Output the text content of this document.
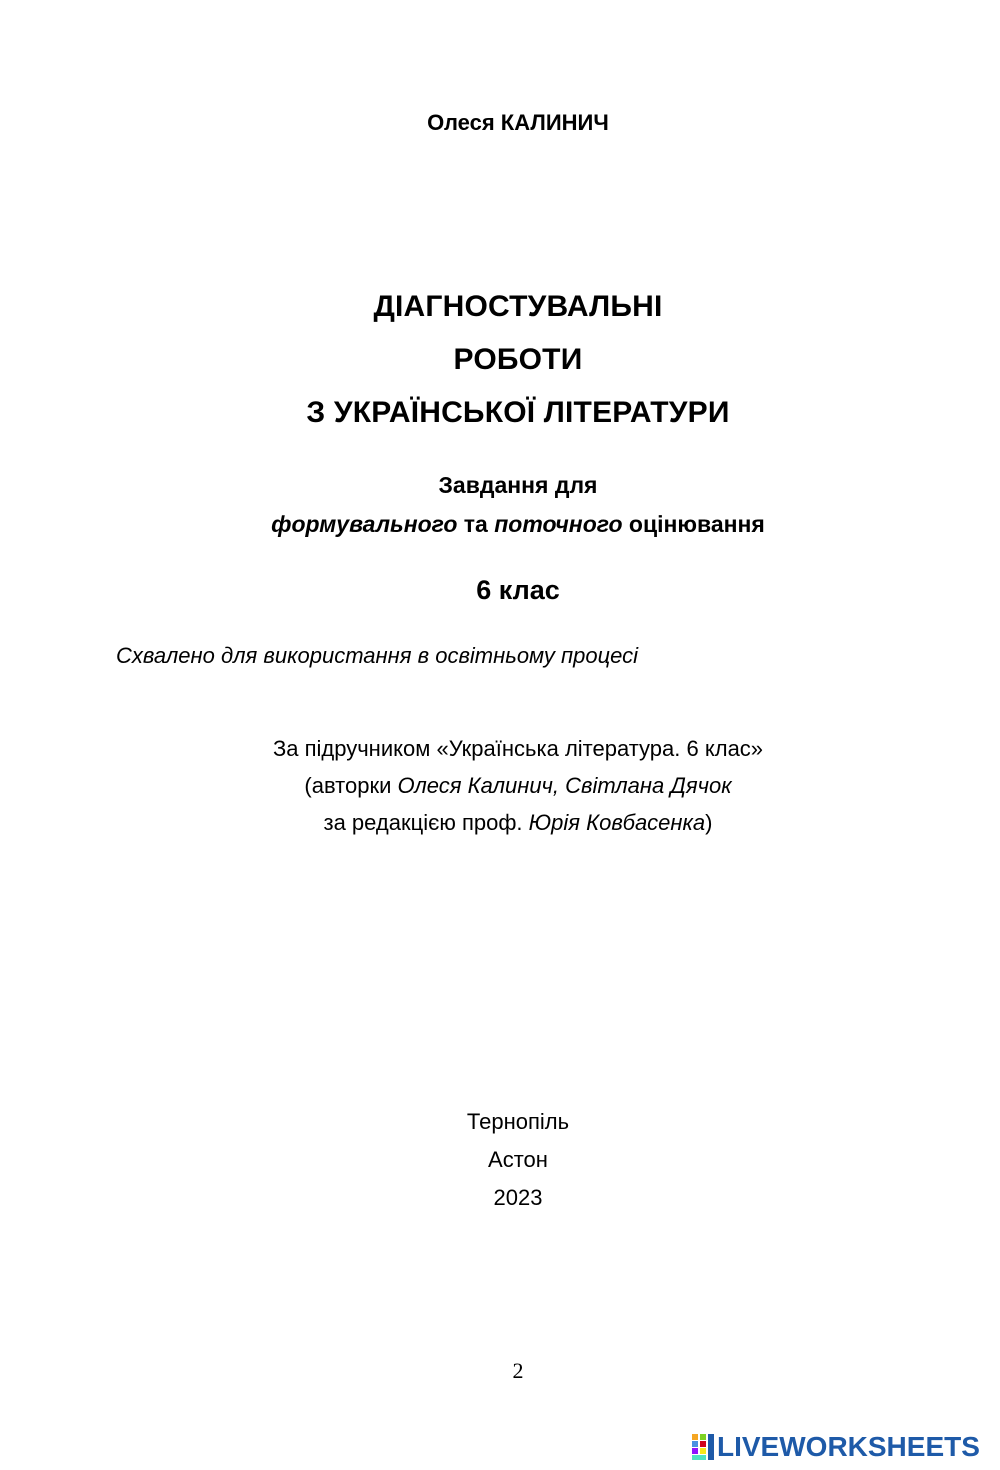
Олеся КАЛИНИЧ
ДІАГНОСТУВАЛЬНІ
РОБОТИ
З УКРАЇНСЬКОЇ ЛІТЕРАТУРИ
Завдання для
формувального та поточного оцінювання
6 клас
Схвалено для використання в освітньому процесі
За підручником «Українська література. 6 клас»
(авторки Олеся Калинич, Світлана Дячок
за редакцією проф. Юрія Ковбасенка)
Тернопіль
Астон
2023
2
LIVEWORKSHEETS
